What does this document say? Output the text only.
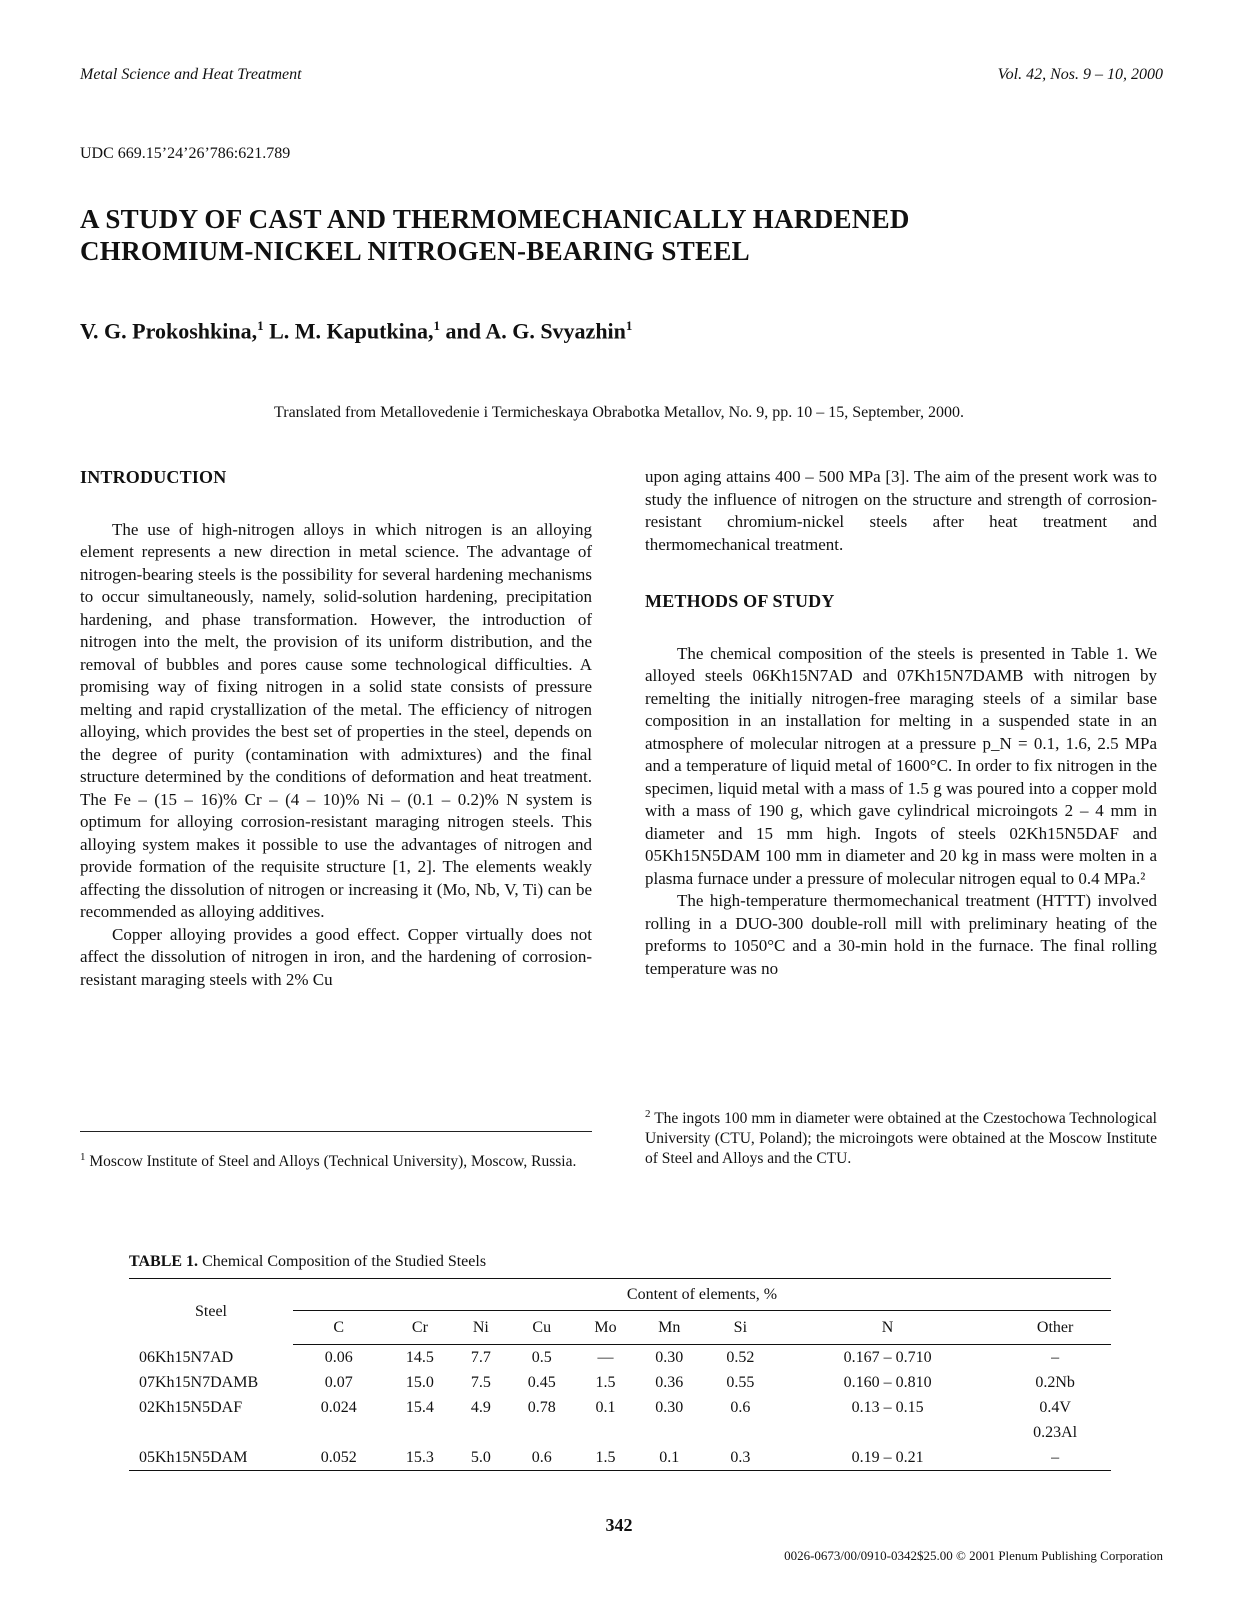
Metal Science and Heat Treatment	Vol. 42, Nos. 9 – 10, 2000
UDC 669.15’24’26’786:621.789
A STUDY OF CAST AND THERMOMECHANICALLY HARDENED
CHROMIUM-NICKEL NITROGEN-BEARING STEEL
V. G. Prokoshkina,$^1$ L. M. Kaputkina,$^1$ and A. G. Svyazhin$^1$
Translated from Metallovedenie i Termicheskaya Obrabotka Metallov, No. 9, pp. 10 – 15, September, 2000.
INTRODUCTION

The use of high-nitrogen alloys in which nitrogen is an alloying element represents a new direction in metal science. The advantage of nitrogen-bearing steels is the possibility for several hardening mechanisms to occur simultaneously, namely, solid-solution hardening, precipitation hardening, and phase transformation. However, the introduction of nitrogen into the melt, the provision of its uniform distribution, and the removal of bubbles and pores cause some technological difficulties. A promising way of fixing nitrogen in a solid state consists of pressure melting and rapid crystallization of the metal. The efficiency of nitrogen alloying, which provides the best set of properties in the steel, depends on the degree of purity (contamination with admixtures) and the final structure determined by the conditions of deformation and heat treatment. The Fe – (15 – 16)% Cr – (4 – 10)% Ni – (0.1 – 0.2)% N system is optimum for alloying corrosion-resistant maraging nitrogen steels. This alloying system makes it possible to use the advantages of nitrogen and provide formation of the requisite structure [1, 2]. The elements weakly affecting the dissolution of nitrogen or increasing it (Mo, Nb, V, Ti) can be recommended as alloying additives.

Copper alloying provides a good effect. Copper virtually does not affect the dissolution of nitrogen in iron, and the hardening of corrosion-resistant maraging steels with 2% Cu

$^1$ Moscow Institute of Steel and Alloys (Technical University), Moscow, Russia.

upon aging attains 400 – 500 MPa [3]. The aim of the present work was to study the influence of nitrogen on the structure and strength of corrosion-resistant chromium-nickel steels after heat treatment and thermomechanical treatment.

METHODS OF STUDY

The chemical composition of the steels is presented in Table 1. We alloyed steels 06Kh15N7AD and 07Kh15N7DAMB with nitrogen by remelting the initially nitrogen-free maraging steels of a similar base composition in an installation for melting in a suspended state in an atmosphere of molecular nitrogen at a pressure p_N = 0.1, 1.6, 2.5 MPa and a temperature of liquid metal of 1600°C. In order to fix nitrogen in the specimen, liquid metal with a mass of 1.5 g was poured into a copper mold with a mass of 190 g, which gave cylindrical microingots 2 – 4 mm in diameter and 15 mm high. Ingots of steels 02Kh15N5DAF and 05Kh15N5DAM 100 mm in diameter and 20 kg in mass were molten in a plasma furnace under a pressure of molecular nitrogen equal to 0.4 MPa.²

The high-temperature thermomechanical treatment (HTTT) involved rolling in a DUO-300 double-roll mill with preliminary heating of the preforms to 1050°C and a 30-min hold in the furnace. The final rolling temperature was no

$^2$ The ingots 100 mm in diameter were obtained at the Czestochowa Technological University (CTU, Poland); the microingots were obtained at the Moscow Institute of Steel and Alloys and the CTU.
TABLE 1. Chemical Composition of the Studied Steels
Steel	Content of elements, %								
	C	Cr	Ni	Cu	Mo	Mn	Si	N	Other
06Kh15N7AD	0.06	14.5	7.7	0.5	—	0.30	0.52	0.167 – 0.710	–
07Kh15N7DAMB	0.07	15.0	7.5	0.45	1.5	0.36	0.55	0.160 – 0.810	0.2Nb
02Kh15N5DAF	0.024	15.4	4.9	0.78	0.1	0.30	0.6	0.13 – 0.15	0.4V
0.23Al

05Kh15N5DAM	0.052	15.3	5.0	0.6	1.5	0.1	0.3	0.19 – 0.21	–
342
0026-0673/00/0910-0342$25.00 © 2001 Plenum Publishing Corporation
